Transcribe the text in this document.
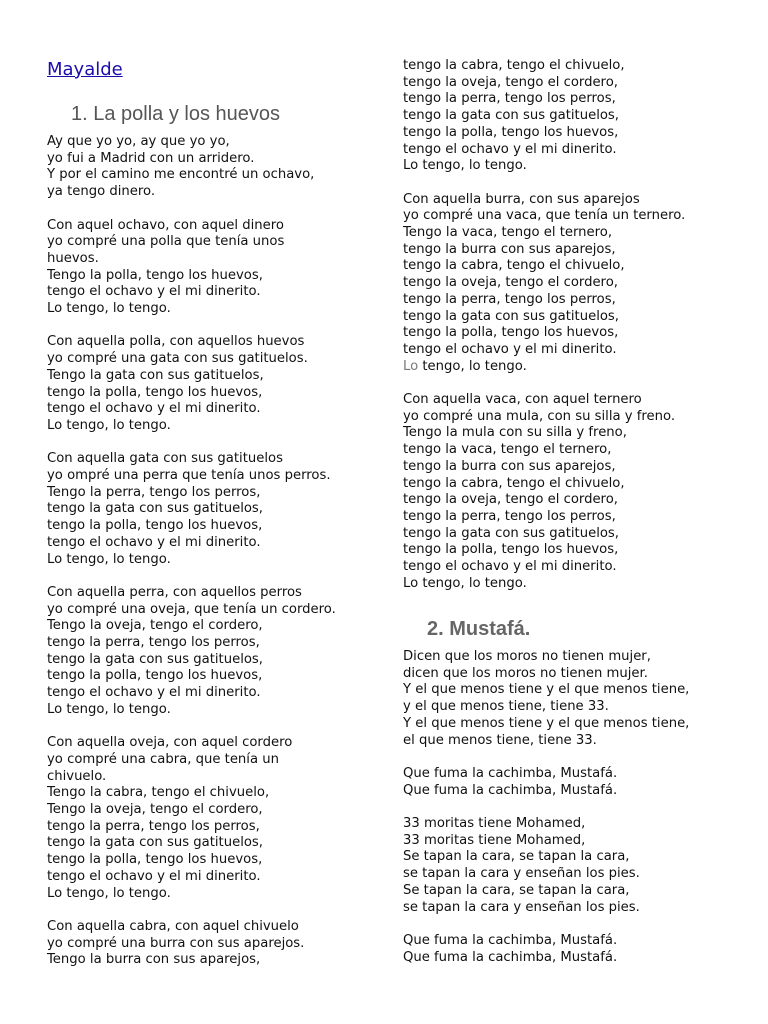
Mayalde
1. La polla y los huevos
Ay que yo yo, ay que yo yo,
yo fui a Madrid con un arridero.
Y por el camino me encontré un ochavo,
ya tengo dinero.
Con aquel ochavo, con aquel dinero
yo compré una polla que tenía unos
huevos.
Tengo la polla, tengo los huevos,
tengo el ochavo y el mi dinerito.
Lo tengo, lo tengo.
Con aquella polla, con aquellos huevos
yo compré una gata con sus gatituelos.
Tengo la gata con sus gatituelos,
tengo la polla, tengo los huevos,
tengo el ochavo y el mi dinerito.
Lo tengo, lo tengo.
Con aquella gata con sus gatituelos
yo ompré una perra que tenía unos perros.
Tengo la perra, tengo los perros,
tengo la gata con sus gatituelos,
tengo la polla, tengo los huevos,
tengo el ochavo y el mi dinerito.
Lo tengo, lo tengo.
Con aquella perra, con aquellos perros
yo compré una oveja, que tenía un cordero.
Tengo la oveja, tengo el cordero,
tengo la perra, tengo los perros,
tengo la gata con sus gatituelos,
tengo la polla, tengo los huevos,
tengo el ochavo y el mi dinerito.
Lo tengo, lo tengo.
Con aquella oveja, con aquel cordero
yo compré una cabra, que tenía un
chivuelo.
Tengo la cabra, tengo el chivuelo,
Tengo la oveja, tengo el cordero,
tengo la perra, tengo los perros,
tengo la gata con sus gatituelos,
tengo la polla, tengo los huevos,
tengo el ochavo y el mi dinerito.
Lo tengo, lo tengo.
Con aquella cabra, con aquel chivuelo
yo compré una burra con sus aparejos.
Tengo la burra con sus aparejos,
tengo la cabra, tengo el chivuelo,
tengo la oveja, tengo el cordero,
tengo la perra, tengo los perros,
tengo la gata con sus gatituelos,
tengo la polla, tengo los huevos,
tengo el ochavo y el mi dinerito.
Lo tengo, lo tengo.
Con aquella burra, con sus aparejos
yo compré una vaca, que tenía un ternero.
Tengo la vaca, tengo el ternero,
tengo la burra con sus aparejos,
tengo la cabra, tengo el chivuelo,
tengo la oveja, tengo el cordero,
tengo la perra, tengo los perros,
tengo la gata con sus gatituelos,
tengo la polla, tengo los huevos,
tengo el ochavo y el mi dinerito.
Lo tengo, lo tengo.
Con aquella vaca, con aquel ternero
yo compré una mula, con su silla y freno.
Tengo la mula con su silla y freno,
tengo la vaca, tengo el ternero,
tengo la burra con sus aparejos,
tengo la cabra, tengo el chivuelo,
tengo la oveja, tengo el cordero,
tengo la perra, tengo los perros,
tengo la gata con sus gatituelos,
tengo la polla, tengo los huevos,
tengo el ochavo y el mi dinerito.
Lo tengo, lo tengo.
2. Mustafá.
Dicen que los moros no tienen mujer,
dicen que los moros no tienen mujer.
Y el que menos tiene y el que menos tiene,
y el que menos tiene, tiene 33.
Y el que menos tiene y el que menos tiene,
el que menos tiene, tiene 33.
Que fuma la cachimba, Mustafá.
Que fuma la cachimba, Mustafá.
33 moritas tiene Mohamed,
33 moritas tiene Mohamed,
Se tapan la cara, se tapan la cara,
se tapan la cara y enseñan los pies.
Se tapan la cara, se tapan la cara,
se tapan la cara y enseñan los pies.
Que fuma la cachimba, Mustafá.
Que fuma la cachimba, Mustafá.
